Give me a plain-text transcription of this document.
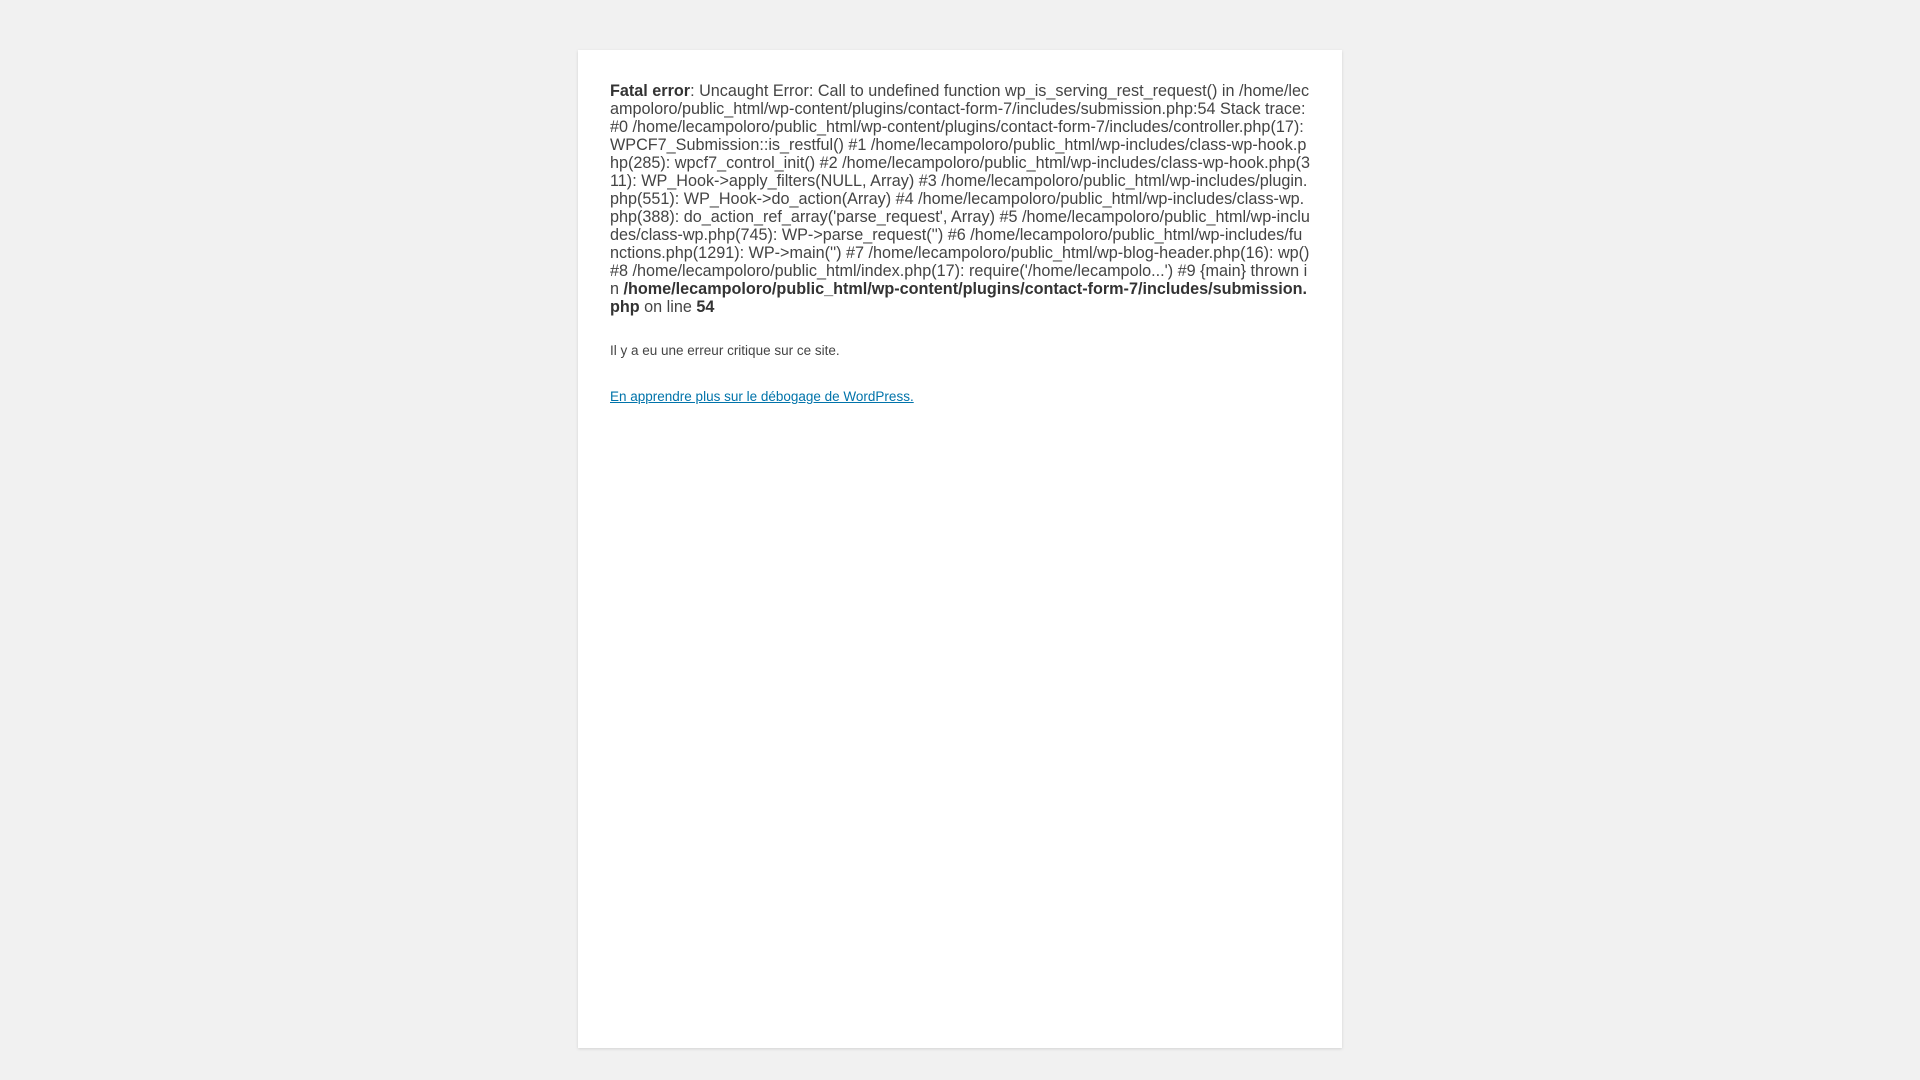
Fatal error: Uncaught Error: Call to undefined function wp_is_serving_rest_request() in /home/lecampoloro/public_html/wp-content/plugins/contact-form-7/includes/submission.php:54 Stack trace: #0 /home/lecampoloro/public_html/wp-content/plugins/contact-form-7/includes/controller.php(17): WPCF7_Submission::is_restful() #1 /home/lecampoloro/public_html/wp-includes/class-wp-hook.php(285): wpcf7_control_init() #2 /home/lecampoloro/public_html/wp-includes/class-wp-hook.php(311): WP_Hook->apply_filters(NULL, Array) #3 /home/lecampoloro/public_html/wp-includes/plugin.php(551): WP_Hook->do_action(Array) #4 /home/lecampoloro/public_html/wp-includes/class-wp.php(388): do_action_ref_array('parse_request', Array) #5 /home/lecampoloro/public_html/wp-includes/class-wp.php(745): WP->parse_request('') #6 /home/lecampoloro/public_html/wp-includes/functions.php(1291): WP->main('') #7 /home/lecampoloro/public_html/wp-blog-header.php(16): wp() #8 /home/lecampoloro/public_html/index.php(17): require('/home/lecampolo...') #9 {main} thrown in /home/lecampoloro/public_html/wp-content/plugins/contact-form-7/includes/submission.php on line 54

Il y a eu une erreur critique sur ce site.
En apprendre plus sur le débogage de WordPress.
